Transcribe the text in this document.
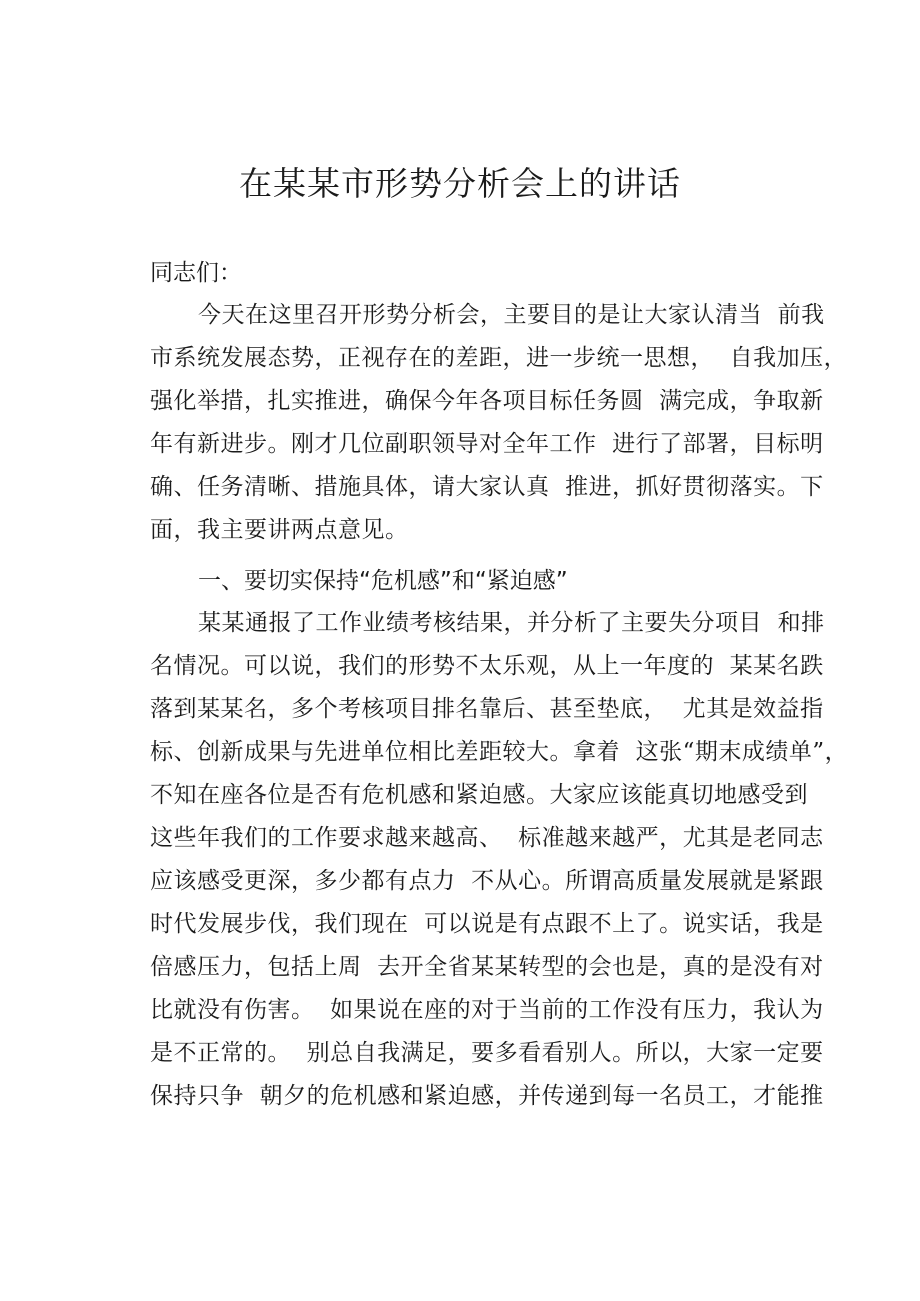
在某某市形势分析会上的讲话
同志们：
今天在这里召开形势分析会，主要目的是让大家认清当  前我
市系统发展态势，正视存在的差距，进一步统一思想，  自我加压，
强化举措，扎实推进，确保今年各项目标任务圆  满完成，争取新
年有新进步。刚才几位副职领导对全年工作  进行了部署，目标明
确、任务清晰、措施具体，请大家认真  推进，抓好贯彻落实。下
面，我主要讲两点意见。
一、要切实保持“危机感”和“紧迫感”
某某通报了工作业绩考核结果，并分析了主要失分项目  和排
名情况。可以说，我们的形势不太乐观，从上一年度的  某某名跌
落到某某名，多个考核项目排名靠后、甚至垫底，  尤其是效益指
标、创新成果与先进单位相比差距较大。拿着  这张“期末成绩单”，
不知在座各位是否有危机感和紧迫感。大家应该能真切地感受到
这些年我们的工作要求越来越高、  标准越来越严，尤其是老同志
应该感受更深，多少都有点力  不从心。所谓高质量发展就是紧跟
时代发展步伐，我们现在  可以说是有点跟不上了。说实话，我是
倍感压力，包括上周  去开全省某某转型的会也是，真的是没有对
比就没有伤害。  如果说在座的对于当前的工作没有压力，我认为
是不正常的。  别总自我满足，要多看看别人。所以，大家一定要
保持只争  朝夕的危机感和紧迫感，并传递到每一名员工，才能推
